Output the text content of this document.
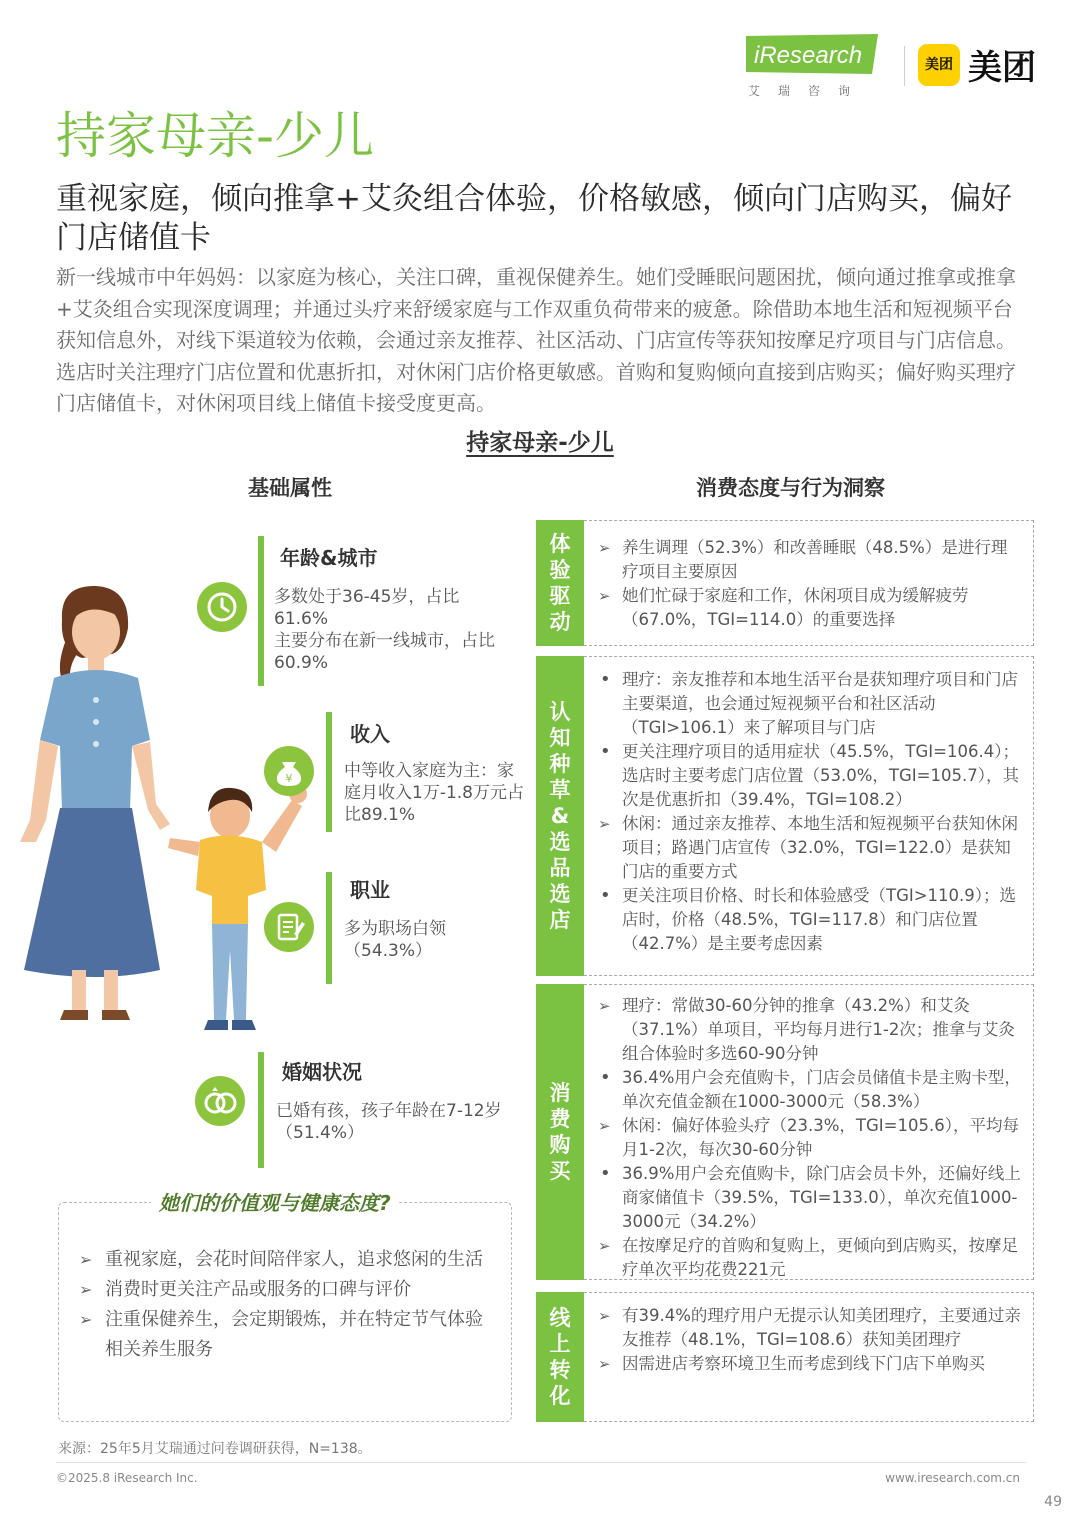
iResearch
艾瑞咨询
美团 美团
持家母亲-少儿
重视家庭，倾向推拿+艾灸组合体验，价格敏感，倾向门店购买，偏好门店储值卡
新一线城市中年妈妈：以家庭为核心，关注口碑，重视保健养生。她们受睡眠问题困扰，倾向通过推拿或推拿+艾灸组合实现深度调理；并通过头疗来舒缓家庭与工作双重负荷带来的疲惫。除借助本地生活和短视频平台获知信息外，对线下渠道较为依赖，会通过亲友推荐、社区活动、门店宣传等获知按摩足疗项目与门店信息。选店时关注理疗门店位置和优惠折扣，对休闲门店价格更敏感。首购和复购倾向直接到店购买；偏好购买理疗门店储值卡，对休闲项目线上储值卡接受度更高。
持家母亲-少儿
基础属性	消费态度与行为洞察
年龄&城市
多数处于36-45岁，占比61.6%
主要分布在新一线城市，占比60.9%
收入
中等收入家庭为主：家庭月收入1万-1.8万元占比89.1%
¥
职业
多为职场白领（54.3%）
婚姻状况
已婚有孩，孩子年龄在7-12岁（51.4%）
她们的价值观与健康态度?
➢ 重视家庭，会花时间陪伴家人，追求悠闲的生活
➢ 消费时更关注产品或服务的口碑与评价
➢ 注重保健养生，会定期锻炼，并在特定节气体验相关养生服务
体
验
驱
动
➢ 养生调理（52.3%）和改善睡眠（48.5%）是进行理疗项目主要原因
➢ 她们忙碌于家庭和工作，休闲项目成为缓解疲劳（67.0%，TGI=114.0）的重要选择
认
知
种
草
&
选
品
选
店
• 理疗：亲友推荐和本地生活平台是获知理疗项目和门店主要渠道，也会通过短视频平台和社区活动（TGI>106.1）来了解项目与门店
• 更关注理疗项目的适用症状（45.5%，TGI=106.4）；选店时主要考虑门店位置（53.0%，TGI=105.7），其次是优惠折扣（39.4%，TGI=108.2）
➢ 休闲：通过亲友推荐、本地生活和短视频平台获知休闲项目；路遇门店宣传（32.0%，TGI=122.0）是获知门店的重要方式
• 更关注项目价格、时长和体验感受（TGI>110.9）；选店时，价格（48.5%，TGI=117.8）和门店位置（42.7%）是主要考虑因素
消
费
购
买
➢ 理疗：常做30-60分钟的推拿（43.2%）和艾灸（37.1%）单项目，平均每月进行1-2次；推拿与艾灸组合体验时多选60-90分钟
• 36.4%用户会充值购卡，门店会员储值卡是主购卡型，单次充值金额在1000-3000元（58.3%）
➢ 休闲：偏好体验头疗（23.3%，TGI=105.6），平均每月1-2次，每次30-60分钟
• 36.9%用户会充值购卡，除门店会员卡外，还偏好线上商家储值卡（39.5%，TGI=133.0），单次充值1000-3000元（34.2%）
➢ 在按摩足疗的首购和复购上，更倾向到店购买，按摩足疗单次平均花费221元
线
上
转
化
➢ 有39.4%的理疗用户无提示认知美团理疗，主要通过亲友推荐（48.1%，TGI=108.6）获知美团理疗
➢ 因需进店考察环境卫生而考虑到线下门店下单购买
来源：25年5月艾瑞通过问卷调研获得，N=138。
©2025.8 iResearch Inc.	www.iresearch.com.cn
49
